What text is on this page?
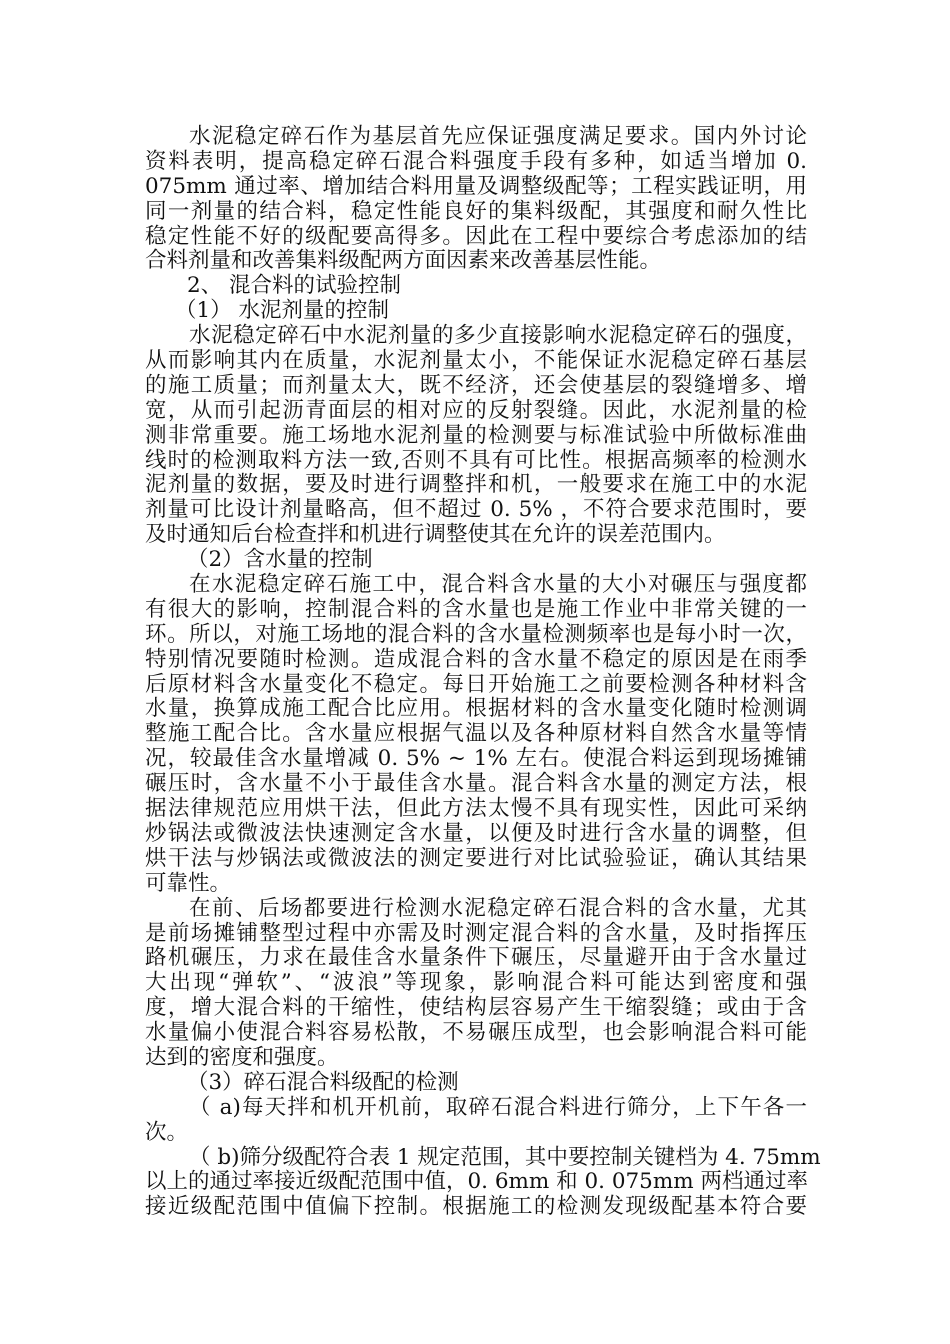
水泥稳定碎石作为基层首先应保证强度满足要求。国内外讨论
资料表明，提高稳定碎石混合料强度手段有多种，如适当增加 0.
075mm 通过率、增加结合料用量及调整级配等；工程实践证明，用
同一剂量的结合料，稳定性能良好的集料级配，其强度和耐久性比
稳定性能不好的级配要高得多。因此在工程中要综合考虑添加的结
合料剂量和改善集料级配两方面因素来改善基层性能。
2、 混合料的试验控制
（1） 水泥剂量的控制
水泥稳定碎石中水泥剂量的多少直接影响水泥稳定碎石的强度，
从而影响其内在质量，水泥剂量太小，不能保证水泥稳定碎石基层
的施工质量；而剂量太大，既不经济，还会使基层的裂缝增多、增
宽，从而引起沥青面层的相对应的反射裂缝。因此，水泥剂量的检
测非常重要。施工场地水泥剂量的检测要与标准试验中所做标准曲
线时的检测取料方法一致,否则不具有可比性。根据高频率的检测水
泥剂量的数据，要及时进行调整拌和机，一般要求在施工中的水泥
剂量可比设计剂量略高，但不超过 0. 5% ，不符合要求范围时，要
及时通知后台检查拌和机进行调整使其在允许的误差范围内。
（2）含水量的控制
在水泥稳定碎石施工中，混合料含水量的大小对碾压与强度都
有很大的影响，控制混合料的含水量也是施工作业中非常关键的一
环。所以，对施工场地的混合料的含水量检测频率也是每小时一次，
特别情况要随时检测。造成混合料的含水量不稳定的原因是在雨季
后原材料含水量变化不稳定。每日开始施工之前要检测各种材料含
水量，换算成施工配合比应用。根据材料的含水量变化随时检测调
整施工配合比。含水量应根据气温以及各种原材料自然含水量等情
况，较最佳含水量增减 0. 5% ~ 1% 左右。使混合料运到现场摊铺
碾压时，含水量不小于最佳含水量。混合料含水量的测定方法，根
据法律规范应用烘干法，但此方法太慢不具有现实性，因此可采纳
炒锅法或微波法快速测定含水量，以便及时进行含水量的调整，但
烘干法与炒锅法或微波法的测定要进行对比试验验证，确认其结果
可靠性。
在前、后场都要进行检测水泥稳定碎石混合料的含水量，尤其
是前场摊铺整型过程中亦需及时测定混合料的含水量，及时指挥压
路机碾压，力求在最佳含水量条件下碾压，尽量避开由于含水量过
大出现“弹软”、“波浪”等现象，影响混合料可能达到密度和强
度，增大混合料的干缩性，使结构层容易产生干缩裂缝；或由于含
水量偏小使混合料容易松散，不易碾压成型，也会影响混合料可能
达到的密度和强度。
（3）碎石混合料级配的检测
（ a)每天拌和机开机前，取碎石混合料进行筛分，上下午各一
次。
（ b)筛分级配符合表 1 规定范围，其中要控制关键档为 4. 75mm
以上的通过率接近级配范围中值，0. 6mm 和 0. 075mm 两档通过率
接近级配范围中值偏下控制。根据施工的检测发现级配基本符合要
